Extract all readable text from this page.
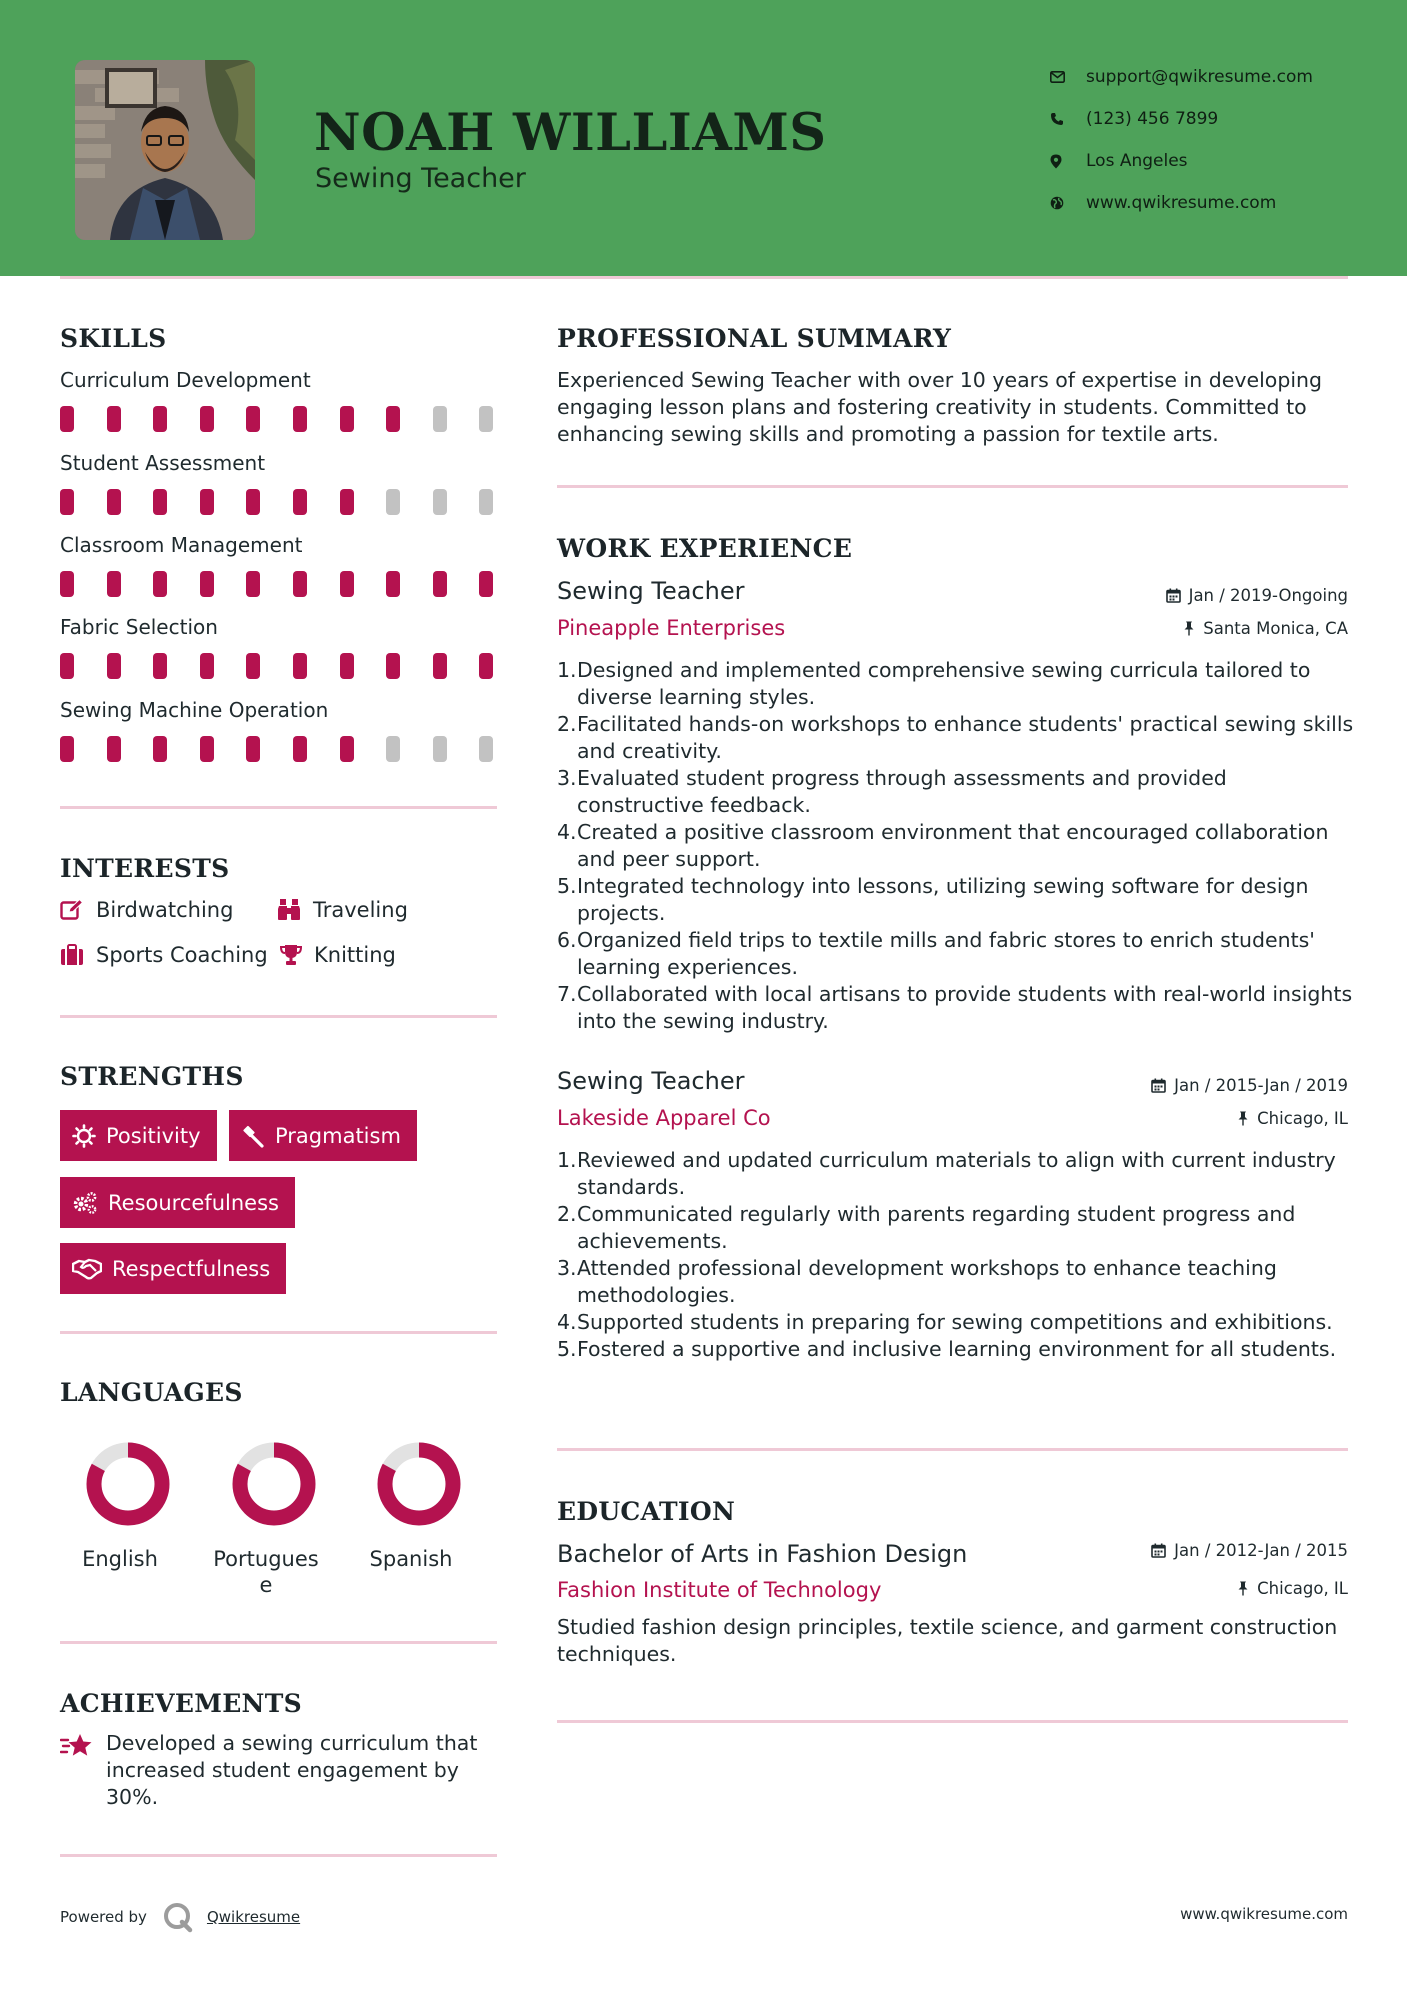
NOAH WILLIAMS
Sewing Teacher
support@qwikresume.com
(123) 456 7899
Los Angeles
www.qwikresume.com
SKILLS
Curriculum Development
Student Assessment
Classroom Management
Fabric Selection
Sewing Machine Operation
INTERESTS
Birdwatching	Traveling
Sports Coaching Knitting
STRENGTHS
Positivity	Pragmatism
Resourcefulness
Respectfulness
LANGUAGES
English	Portuguese
Spanish
ACHIEVEMENTS
Developed a sewing curriculum that increased student engagement by 30%.
PROFESSIONAL SUMMARY
Experienced Sewing Teacher with over 10 years of expertise in developing engaging lesson plans and fostering creativity in students. Committed to enhancing sewing skills and promoting a passion for textile arts.
WORK EXPERIENCE
Sewing Teacher	Jan / 2019-Ongoing
Pineapple Enterprises	Santa Monica, CA
1. Designed and implemented comprehensive sewing curricula tailored to diverse learning styles.
2. Facilitated hands-on workshops to enhance students' practical sewing skills and creativity.
3. Evaluated student progress through assessments and provided constructive feedback.
4. Created a positive classroom environment that encouraged collaboration and peer support.
5. Integrated technology into lessons, utilizing sewing software for design projects.
6. Organized field trips to textile mills and fabric stores to enrich students' learning experiences.
7. Collaborated with local artisans to provide students with real-world insights into the sewing industry.
Sewing Teacher	Jan / 2015-Jan / 2019
Lakeside Apparel Co	Chicago, IL
1. Reviewed and updated curriculum materials to align with current industry standards.
2. Communicated regularly with parents regarding student progress and achievements.
3. Attended professional development workshops to enhance teaching methodologies.
4. Supported students in preparing for sewing competitions and exhibitions.
5. Fostered a supportive and inclusive learning environment for all students.
EDUCATION
Bachelor of Arts in Fashion Design	Jan / 2012-Jan / 2015
Fashion Institute of Technology	Chicago, IL
Studied fashion design principles, textile science, and garment construction techniques.
Powered by	Qwikresume	www.qwikresume.com
